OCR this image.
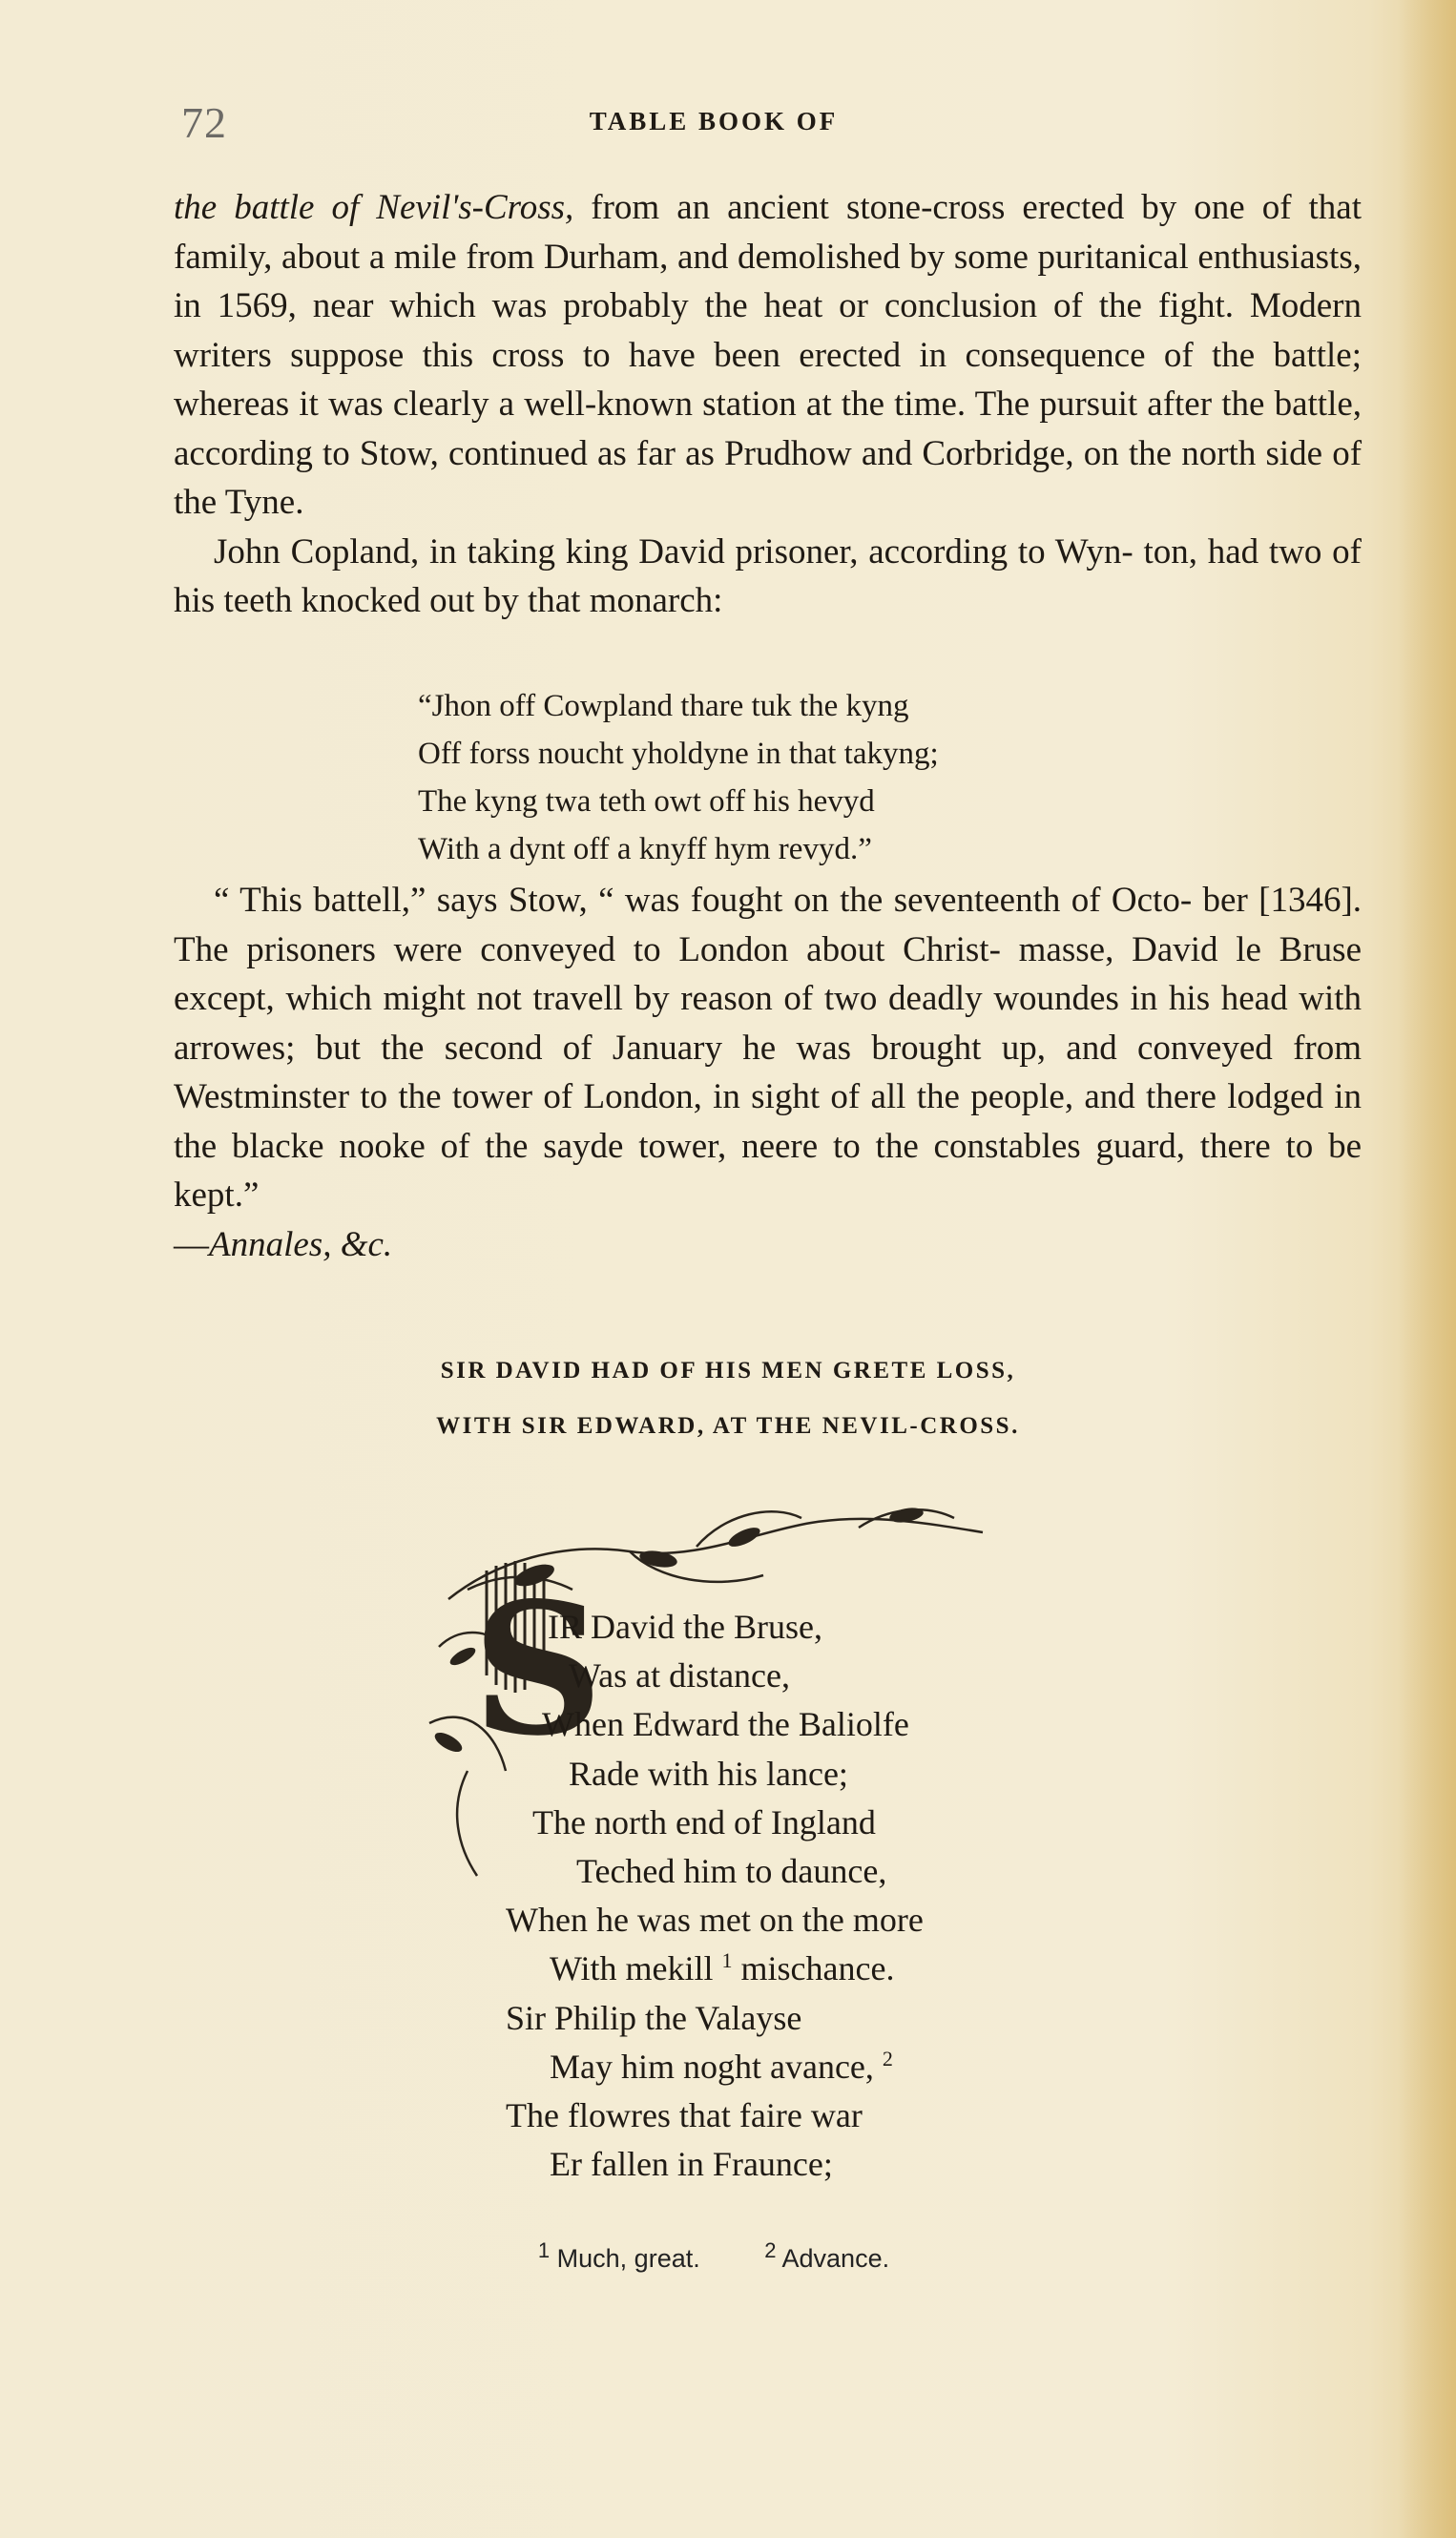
72	TABLE BOOK OF

the battle of Nevil's-Cross, from an ancient stone-cross erected by one of that family, about a mile from Durham, and demolished by some puritanical enthusiasts, in 1569, near which was probably the heat or conclusion of the fight. Modern writers suppose this cross to have been erected in consequence of the battle; whereas it was clearly a well-known station at the time. The pursuit after the battle, according to Stow, continued as far as Prudhow and Corbridge, on the north side of the Tyne.

John Copland, in taking king David prisoner, according to Wyn- ton, had two of his teeth knocked out by that monarch:

“Jhon off Cowpland thare tuk the kyng
Off forss noucht yholdyne in that takyng;
The kyng twa teth owt off his hevyd
With a dynt off a knyff hym revyd.”

“ This battell,” says Stow, “ was fought on the seventeenth of Octo- ber [1346]. The prisoners were conveyed to London about Christ- masse, David le Bruse except, which might not travell by reason of two deadly woundes in his head with arrowes; but the second of January he was brought up, and conveyed from Westminster to the tower of London, in sight of all the people, and there lodged in the blacke nooke of the sayde tower, neere to the constables guard, there to be kept.”

—Annales, &c.

SIR DAVID HAD OF HIS MEN GRETE LOSS,
WITH SIR EDWARD, AT THE NEVIL-CROSS.
S
IR David the Bruse,
Was at distance,
When Edward the Baliolfe
Rade with his lance;
The north end of Ingland
Teched him to daunce,
When he was met on the more
With mekill $^1$ mischance.
Sir Philip the Valayse
May him noght avance, $^2$
The flowres that faire war
Er fallen in Fraunce;
$^1$ Much, great.	$^2$ Advance.
